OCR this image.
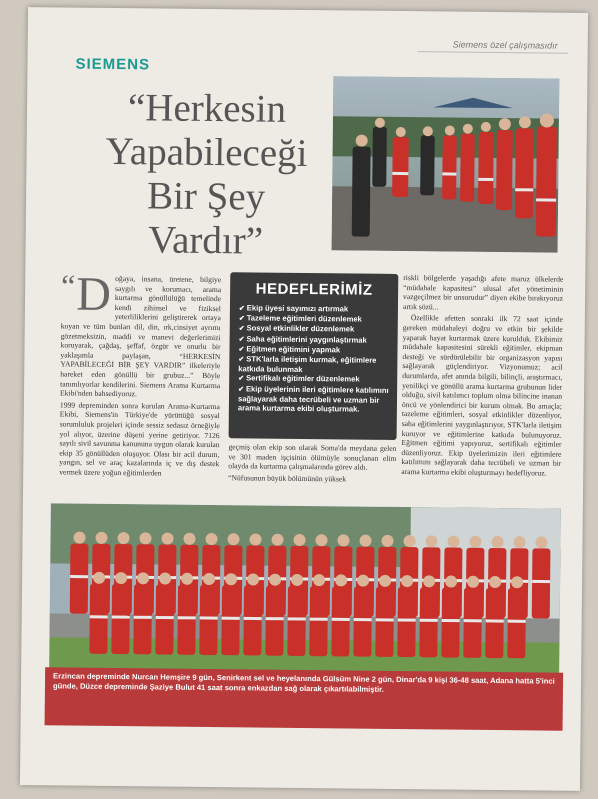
Siemens özel çalışmasıdır
SIEMENS
“Herkesin
Yapabileceği
Bir Şey
Vardır”

“ D oğaya, insana, üretene, bilgiye saygılı ve korumacı, arama kurtarma gönüllülüğü temelinde kendi zihinsel ve fiziksel yeterliliklerini geliştirerek ortaya koyan ve tüm bunları dil, din, ırk,cinsiyet ayrımı gözetmeksizin, maddi ve manevi değerlerimizi koruyarak, çağdaş, şeffaf, özgür ve onurlu bir yaklaşımla paylaşan, “HERKESİN YAPABİLECEĞİ BİR ŞEY VARDIR” ilkeleriyle hareket eden gönüllü bir grubuz...” Böyle tanımlıyorlar kendilerini. Siemens Arama Kurtarma Ekibi'nden bahsediyoruz.

1999 depreminden sonra kurulan Arama-Kurtarma Ekibi, Siemens'in Türkiye'de yürüttüğü sosyal sorumluluk projeleri içinde sessiz sedasız örneğiyle yol alıyor, üzerine düşeni yerine getiriyor. 7126 sayılı sivil savunma kanununa uygun olarak kurulan ekip 35 gönüllüden oluşuyor. Olası bir acil durum, yangın, sel ve araç kazalarında iç ve dış destek vermek üzere yoğun eğitimlerden

HEDEFLERİMİZ
✔ Ekip üyesi sayımızı artırmak
✔ Tazeleme eğitimleri düzenlemek
✔ Sosyal etkinlikler düzenlemek
✔ Saha eğitimlerini yaygınlaştırmak
✔ Eğitmen eğitimini yapmak
✔ STK'larla iletişim kurmak, eğitimlere katkıda bulunmak
✔ Sertifikalı eğitimler düzenlemek
✔ Ekip üyelerinin ileri eğitimlere katılımını sağlayarak daha tecrübeli ve uzman bir arama kurtarma ekibi oluşturmak.

geçmiş olan ekip son olarak Soma'da meydana gelen ve 301 maden işçisinin ölümüyle sonuçlanan elim olayda da kurtarma çalışmalarında görev aldı.

“Nüfusunun büyük bölümünün yüksek

riskli bölgelerde yaşadığı afete maruz ülkelerde “müdahale kapasitesi” ulusal afet yönetiminin vazgeçilmez bir unsurudur” diyen ekibe bırakıyoruz artık sözü...

Özellikle afetten sonraki ilk 72 saat içinde gereken müdahaleyi doğru ve etkin bir şekilde yaparak hayat kurtarmak üzere kurulduk. Ekibimiz müdahale kapasitesini sürekli eğitimler, ekipman desteği ve sürdürülebilir bir organizasyon yapısı sağlayarak güçlendiriyor. Vizyonumuz; acil durumlarda, afet anında bilgili, bilinçli, araştırmacı, yenilikçi ve gönüllü arama kurtarma grubunun lider olduğu, sivil katılımcı toplum olma bilincine inanan öncü ve yönlendirici bir kurum olmak. Bu amaçla; tazeleme eğitimleri, sosyal etkinlikler düzenliyor, saha eğitimlerini yaygınlaştırıyor, STK'larla iletişim kuruyor ve eğitimlerine katkıda bulunuyoruz. Eğitmen eğitimi yapıyoruz, sertifikalı eğitimler düzenliyoruz. Ekip üyelerimizin ileri eğitimlere katılımını sağlayarak daha tecrübeli ve uzman bir arama kurtarma ekibi oluşturmayı hedefliyoruz.

Erzincan depreminde Nurcan Hemşire 9 gün, Senirkent sel ve heyelanında Gülsüm Nine 2 gün, Dinar'da 9 kişi 36-48 saat, Adana hatta 5'inci günde, Düzce depreminde Şaziye Bulut 41 saat sonra enkazdan sağ olarak çıkartılabilmiştir.
